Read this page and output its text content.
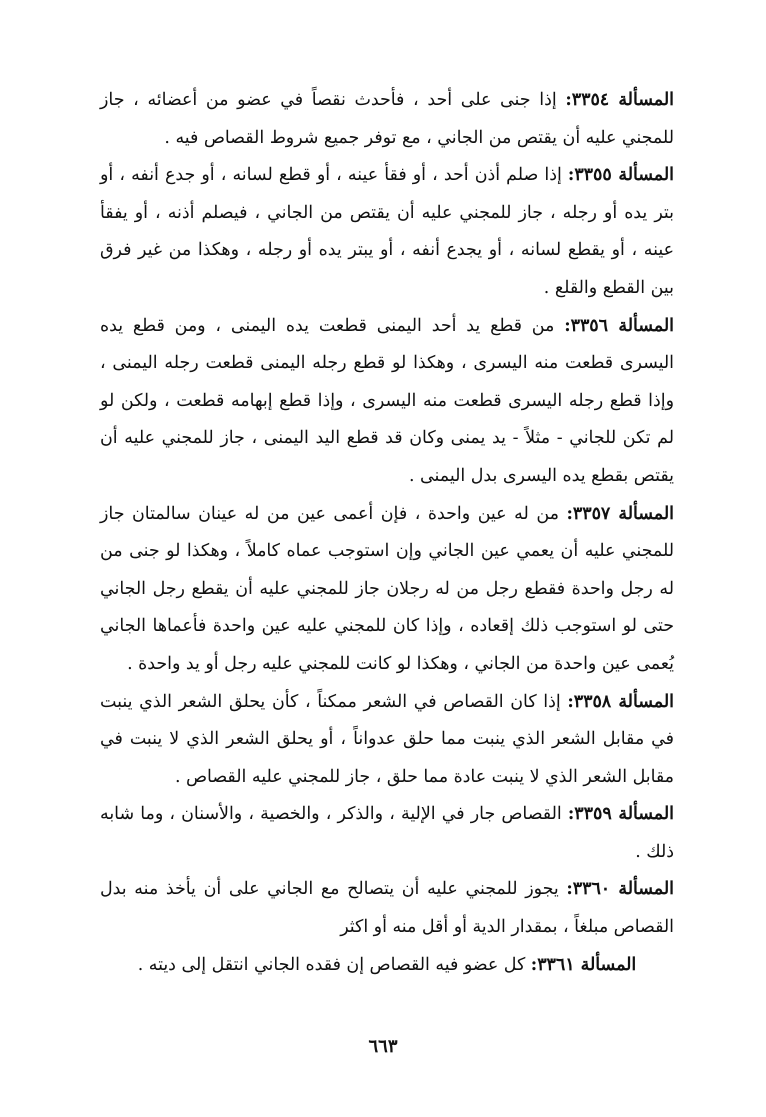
المسألة ٣٣٥٤: إذا جنى على أحد ، فأحدث نقصاً في عضو من أعضائه ، جاز للمجني عليه أن يقتص من الجاني ، مع توفر جميع شروط القصاص فيه .

المسألة ٣٣٥٥: إذا صلم أذن أحد ، أو فقأ عينه ، أو قطع لسانه ، أو جدع أنفه ، أو بتر يده أو رجله ، جاز للمجني عليه أن يقتص من الجاني ، فيصلم أذنه ، أو يفقأ عينه ، أو يقطع لسانه ، أو يجدع أنفه ، أو يبتر يده أو رجله ، وهكذا من غير فرق بين القطع والقلع .

المسألة ٣٣٥٦: من قطع يد أحد اليمنى قطعت يده اليمنى ، ومن قطع يده اليسرى قطعت منه اليسرى ، وهكذا لو قطع رجله اليمنى قطعت رجله اليمنى ، وإذا قطع رجله اليسرى قطعت منه اليسرى ، وإذا قطع إبهامه قطعت ، ولكن لو لم تكن للجاني - مثلاً - يد يمنى وكان قد قطع اليد اليمنى ، جاز للمجني عليه أن يقتص بقطع يده اليسرى بدل اليمنى .

المسألة ٣٣٥٧: من له عين واحدة ، فإن أعمى عين من له عينان سالمتان جاز للمجني عليه أن يعمي عين الجاني وإن استوجب عماه كاملاً ، وهكذا لو جنى من له رجل واحدة فقطع رجل من له رجلان جاز للمجني عليه أن يقطع رجل الجاني حتى لو استوجب ذلك إقعاده ، وإذا كان للمجني عليه عين واحدة فأعماها الجاني يُعمى عين واحدة من الجاني ، وهكذا لو كانت للمجني عليه رجل أو يد واحدة .

المسألة ٣٣٥٨: إذا كان القصاص في الشعر ممكناً ، كأن يحلق الشعر الذي ينبت في مقابل الشعر الذي ينبت مما حلق عدواناً ، أو يحلق الشعر الذي لا ينبت في مقابل الشعر الذي لا ينبت عادة مما حلق ، جاز للمجني عليه القصاص .

المسألة ٣٣٥٩: القصاص جار في الإلية ، والذكر ، والخصية ، والأسنان ، وما شابه ذلك .

المسألة ٣٣٦٠: يجوز للمجني عليه أن يتصالح مع الجاني على أن يأخذ منه بدل القصاص مبلغاً ، بمقدار الدية أو أقل منه أو اكثر

المسألة ٣٣٦١: كل عضو فيه القصاص إن فقده الجاني انتقل إلى ديته .

٦٦٣
